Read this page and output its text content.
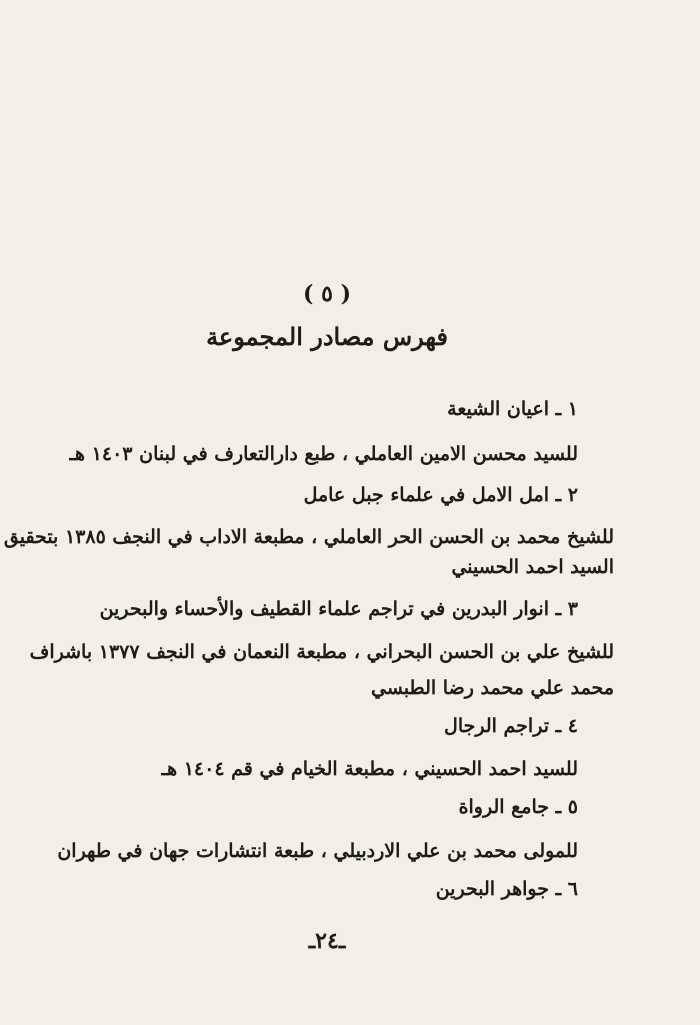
( ٥ )
فهرس مصادر المجموعة
١ ـ اعيان الشيعة
للسيد محسن الامين العاملي ، طبع دارالتعارف في لبنان ١٤٠٣ هـ
٢ ـ امل الامل في علماء جبل عامل
للشيخ محمد بن الحسن الحر العاملي ، مطبعة الاداب في النجف ١٣٨٥ بتحقيق
السيد احمد الحسيني
٣ ـ انوار البدرين في تراجم علماء القطيف والأحساء والبحرين
للشيخ علي بن الحسن البحراني ، مطبعة النعمان في النجف ١٣٧٧ باشراف
محمد علي محمد رضا الطبسي
٤ ـ تراجم الرجال
للسيد احمد الحسيني ، مطبعة الخيام في قم ١٤٠٤ هـ
٥ ـ جامع الرواة
للمولى محمد بن علي الاردبيلي ، طبعة انتشارات جهان في طهران
٦ ـ جواهر البحرين
ـ٢٤ـ
